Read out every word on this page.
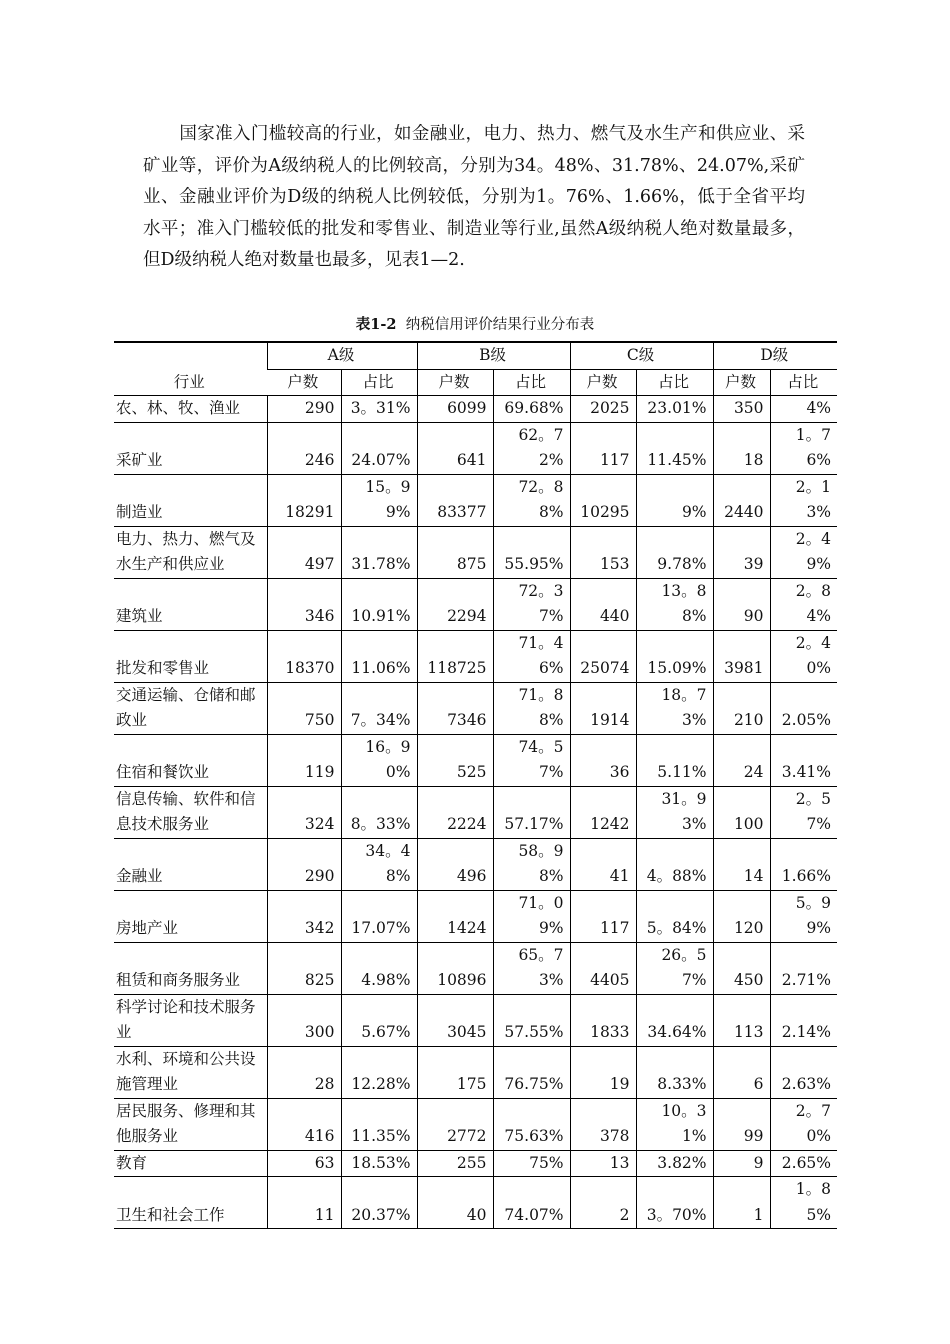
国家准入门槛较高的行业，如金融业，电力、热力、燃气及水生产和供应业、采矿业等，评价为A级纳税人的比例较高，分别为34。48%、31.78%、24.07%,采矿业、金融业评价为D级的纳税人比例较低，分别为1。76%、1.66%，低于全省平均水平；准入门槛较低的批发和零售业、制造业等行业,虽然A级纳税人绝对数量最多，但D级纳税人绝对数量也最多，见表1—2.
表1-2 纳税信用评价结果行业分布表
行业	A级		B级		C级		D级	
	户数	占比	户数	占比	户数	占比	户数	占比
农、林、牧、渔业	290	3。31%	6099	69.68%	2025	23.01%	350	4%
采矿业	246	24.07%	641	62。72%	117	11.45%	18	1。76%
制造业	18291	15。99%	83377	72。88%	10295	9%	2440	2。13%
电力、热力、燃气及水生产和供应业	497	31.78%	875	55.95%	153	9.78%	39	2。49%
建筑业	346	10.91%	2294	72。37%	440	13。88%	90	2。84%
批发和零售业	18370	11.06%	118725	71。46%	25074	15.09%	3981	2。40%
交通运输、仓储和邮政业	750	7。34%	7346	71。88%	1914	18。73%	210	2.05%
住宿和餐饮业	119	16。90%	525	74。57%	36	5.11%	24	3.41%
信息传输、软件和信息技术服务业	324	8。33%	2224	57.17%	1242	31。93%	100	2。57%
金融业	290	34。48%	496	58。98%	41	4。88%	14	1.66%
房地产业	342	17.07%	1424	71。09%	117	5。84%	120	5。99%
租赁和商务服务业	825	4.98%	10896	65。73%	4405	26。57%	450	2.71%
科学讨论和技术服务业	300	5.67%	3045	57.55%	1833	34.64%	113	2.14%
水利、环境和公共设施管理业	28	12.28%	175	76.75%	19	8.33%	6	2.63%
居民服务、修理和其他服务业	416	11.35%	2772	75.63%	378	10。31%	99	2。70%
教育	63	18.53%	255	75%	13	3.82%	9	2.65%
卫生和社会工作	11	20.37%	40	74.07%	2	3。70%	1	1。85%
